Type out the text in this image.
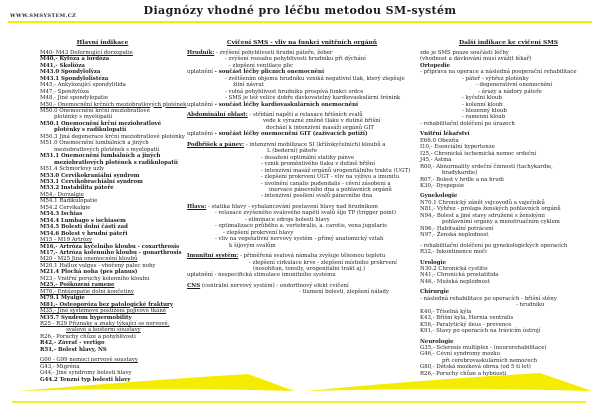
Diagnózy vhodné pro léčbu metodou SM-systém
WWW.SMSYSTEM.CZ
Hlavní indikace
M40- M43 Deformující dorzopatie
M40,- Kyfóza a lordóza
M41,- Skolióza
M43.0 Spondylolýza
M43.1 Spondylolistéza
M45,- Ankylozující spondylitida
M47,- Spondylóza
M48,- Jiné spondylopatie
M50,- Onemocnění krčních meziobratlových plotének
M50.0 Onemocnění krční meziobratlové
ploténky s myelopatií
M50.1 Onemocnění krční meziobratlové
ploténky s radikulopatií
M50.3 Jiná degenerace krční meziobratlové ploténky
M51.0 Onemocnění lumbálních a jiných
meziobratlových plotének s myelopatií
M51.1 Onemocnění lumbálních a jiných
meziobratlových plotének s radikulopatií
M51.4 Schmorlovy uzly
M53.0 Cervikokraniální syndrom
M53.1 Cervikobrachiální syndrom
M53.2 Instabilita páteře
M54,- Dorzalgie
M54.1 Radikulopatie
M54.2 Cervikalgie
M54.3 Ischias
M54.4 Lumbago s ischiasem
M54.5 Bolesti dolní části zad
M54.6 Bolest v hrudní páteři
M15 - M19 Artrózy
M16,- Artróza kyčelního kloubu - coxarthrosis
M17,- Artróza kolenního kloubu - gonarthrosis
M20 - M25 Jiná onemocnění kloubů
M20.1 Hallux valgus - vbočený palec nohy
M21.4 Plochá noha (pes planus)
M23,- Vnitřní poruchy kolenního kloubu
M25,- Poškození ramene
M76,- Entézopatie dolní končetiny
M79.1 Myalgie
M81,- Osteoporóza bez patologické fraktury
M35,- Jiné systémové postižení pojivové tkáně
M35.7 Syndrom hypermobility
R25 - R29 Příznaky a znaky týkající se nervové,
svalové a kosterní soustavy
R26,- Poruchy chůze a pohyblivosti
R42,- Závrať - vertigo
R51,- Bolest hlavy, NS
G00 - G99 nemoci nervové soustavy
G43,- Migréna
G44,- Jiné syndromy bolesti hlavy
G44.2 Tenzní typ bolesti hlavy
Cvičení SMS - vliv na funkci vnitřních orgánů
Hrudník: - zvýšení pohyblivosti hrudní páteře, žeber
- zvýšení rozsahu pohyblivosti hrudníku při dýchání
- zlepšení ventilace plic
uplatnění - součást léčby plicních onemocnění
- zvětšením objemu hrudníku vzniká negativní tlak, který zlepšuje
žilní návrat
- volná pohyblivost hrudníku prospívá funkci srdce
- SMS je též velice dobře dávkovatelný kardiovaskulární trénink
uplatnění - součást léčby kardiovaskulárních onemocnění
Abdominální oblast: - střídání napětí a relaxace břišních svalů
vede k výrazné změně tlaku v dutině břišní
dochází k intenzivní masáži orgánů GIT
uplatnění - součást léčby onemocnění GIT (zažívacích potíží)
Podbřišek a pánev: - intenzivní mobilizace SI (křížokyčelních) kloubů a
L (bederní) páteře
- dosažení optimální statiky pánve
- vznik proměnlivého tlaku v dutině břišní
- intenzivní masáž orgánů urogenitálního traktu (UGT)
- zlepšení prokrvení UGT - vliv na výživu a imunitu
- uvolnění canalis pudendalis - cévní zásobení a
inervace pánevního dna a pohlavních orgánů
- intenzivní posílení svalů pánevního dna
Hlava: - statika hlavy - vybalancování postavení hlavy nad hrudníkem
- relaxace zvýšeného svalového napětí svalů šíje TP (trigger point)
- eliminace zdroje bolesti hlavy
- optimalizace průběhu a. vertebralis, a. carotis, vena jugularis
- zlepšení prokrvení hlavy
- vliv na vegetativní nervový systém - přímý anatomický vztah
k šíjovým svalům
Imunitní systém: - přiměřená svalová námaha zvyšuje tělesnou teplotu
- zlepšení cirkulace krve - zlepšení místního prokrvení
(nosohltan, tonsily, urogenitální trakt aj.)
uplatnění - nespecifická stimulace imunitního systému
CNS (centrální nervový systém) - endorfinový efekt cvičení
- tlumení bolesti, zlepšení nálady
Další indikace ke cvičení SMS
zde je SMS pouze součástí léčby
(vhodnost a dávkování musí zvážit lékař)
Ortopedie
- příprava na operace a následná pooperační rehabilitace
- páteř - výhřez ploténky
- degenerativní onemocnění
- úrazy a nádory páteře
- kyčelní kloub
- kolenní kloub
- hlezenný kloub
- ramenní kloub
- rehabilitační doléčení po úrazech
Vnitřní lékařství
E66.0 Obezita
I10,- Esenciální hypertenze
I25,- Chronická ischemická nemoc srdeční
J45,- Astma
R00,- Abnormality srdeční činnosti (tachykardie,
bradykardie)
R07,- Bolest v hrdle a na hrudi
K30,- Dyspepsie
Gynekologie
N70.1 Chronický zánět vejcovodů a vaječníků
N81,- Výhřez - prolaps ženských pohlavních orgánů
N94,- Bolest a jiné stavy sdružené s ženskými
pohlavními orgány a menstruačním cyklem
N96,- Habituální potrácení
N97,- Ženská neplodnost
- rehabilitační doléčení po gynekologických operacích
R32,- Inkontinence moči
Urologie
N30.2 Chronická cystitis
N41,- Chronická prostatitida
N46,- Mužská neplodnost
Chirurgie
- následná rehabilitace po operacích - břišní stěny
- hrudníku
K40,- Tříselná kýla
K43,- Břišní kýla, Hernia ventralis
K56,- Paralytický ileus - prevence
K91,- Stavy po operacích na trávicím ústrojí
Neurologie
G35,- Sclerosis multiplex - (neurorehabilitace)
G46,- Cévní syndromy mozku
při cerebrovaskulárních nemocech
G80,- Dětská mozková obrna (od 5 ti let)
R26,- Poruchy chůze a hybnosti
